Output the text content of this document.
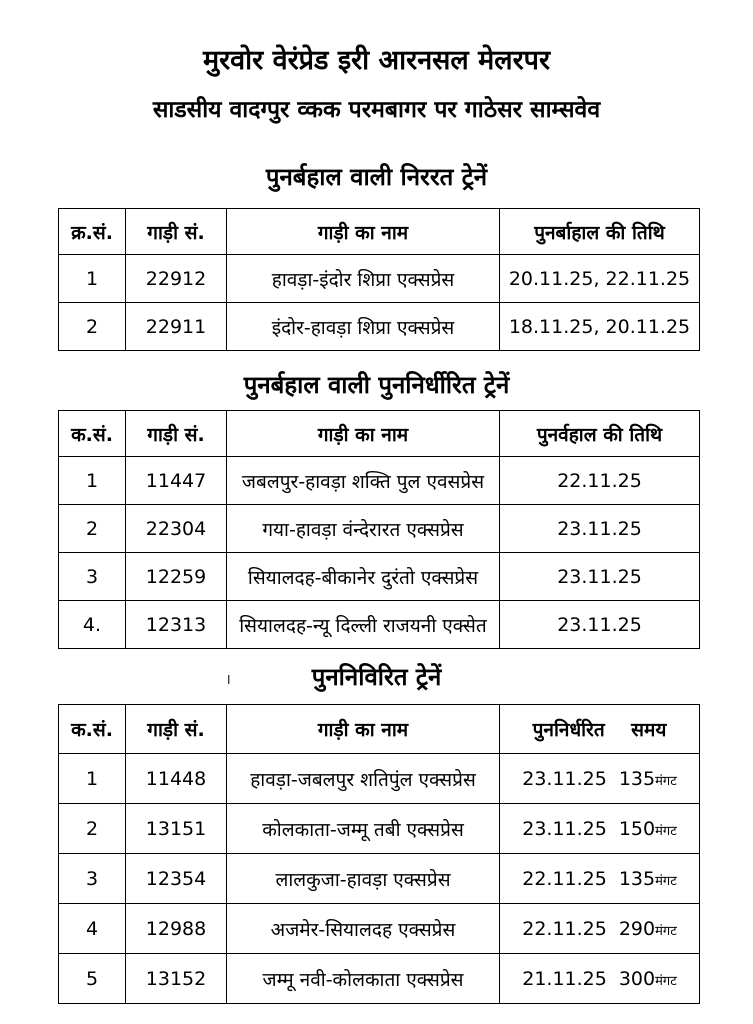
मुरवोर वेरंप्रेड इरी आरनसल मेलरपर
साडसीय वादग्पुर व्कक परमबागर पर गाठेसर साम्सवेव
पुनर्बहाल वाली निररत ट्रेनें
क्र.सं.	गाड़ी सं.	गाड़ी का नाम	पुनर्बाहाल की तिथि
1	22912	हावड़ा-इंदोर शिप्रा एक्सप्रेस	20.11.25, 22.11.25
2	22911	इंदोर-हावड़ा शिप्रा एक्सप्रेस	18.11.25, 20.11.25
पुनर्बहाल वाली पुननिर्धीरित ट्रेनें
क.सं.	गाड़ी सं.	गाड़ी का नाम	पुनर्वहाल की तिथि
1	11447	जबलपुर-हावड़ा शक्ति पुल एवसप्रेस	22.11.25
2	22304	गया-हावड़ा वंन्देरारत एक्सप्रेस	23.11.25
3	12259	सियालदह-बीकानेर दुरंतो एक्सप्रेस	23.11.25
4.	12313	सियालदह-न्यू दिल्ली राजयनी एक्सेत	23.11.25
׀	पुननिविरित ट्रेनें
क.सं.	गाड़ी सं.	गाड़ी का नाम	पुननिर्धरित    समय
1	11448	हावड़ा-जबलपुर शतिपुंल एक्सप्रेस	23.11.25 135मंगट
2	13151	कोलकाता-जम्मू तबी एक्सप्रेस	23.11.25 150मंगट
3	12354	लालकुजा-हावड़ा एक्सप्रेस	22.11.25 135मंगट
4	12988	अजमेर-सियालदह एक्सप्रेस	22.11.25 290मंगट
5	13152	जम्मू नवी-कोलकाता एक्सप्रेस	21.11.25 300मंगट
